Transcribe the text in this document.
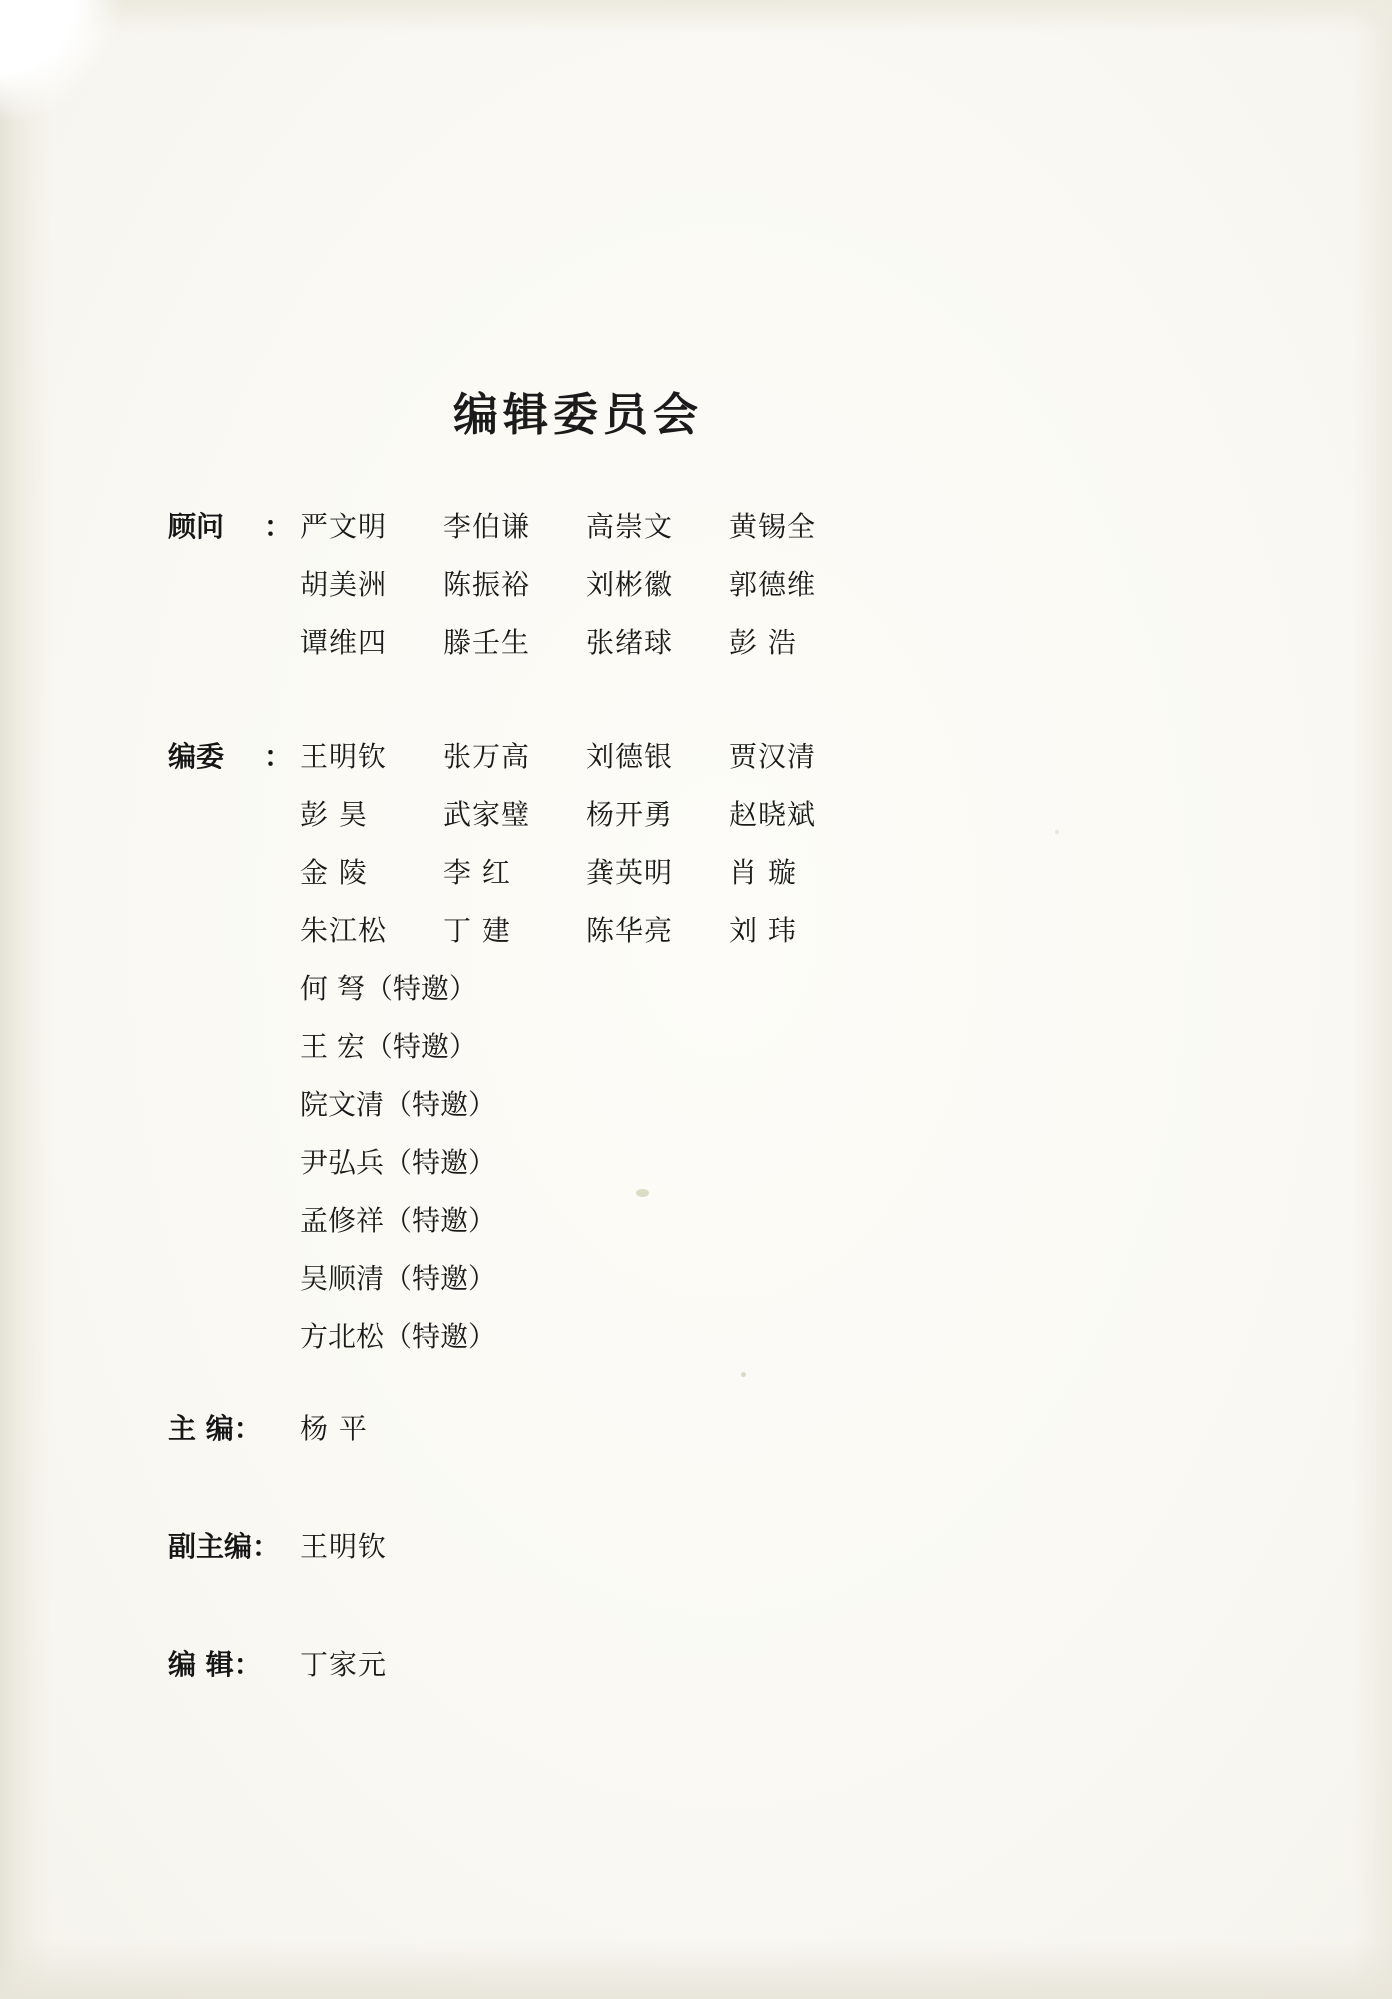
编辑委员会
顾问 ： 严文明	李伯谦	高崇文	黄锡全
胡美洲	陈振裕	刘彬徽	郭德维
谭维四	滕壬生	张绪球	彭 浩
编委 ： 王明钦	张万高	刘德银	贾汉清
彭 昊	武家璧	杨开勇	赵晓斌
金 陵	李 红	龚英明	肖 璇
朱江松	丁 建	陈华亮	刘 玮
何 弩（特邀）
王 宏（特邀）
院文清（特邀）
尹弘兵（特邀）
孟修祥（特邀）
吴顺清（特邀）
方北松（特邀）
主 编：	杨 平
副主编： 王明钦
编 辑：	丁家元
